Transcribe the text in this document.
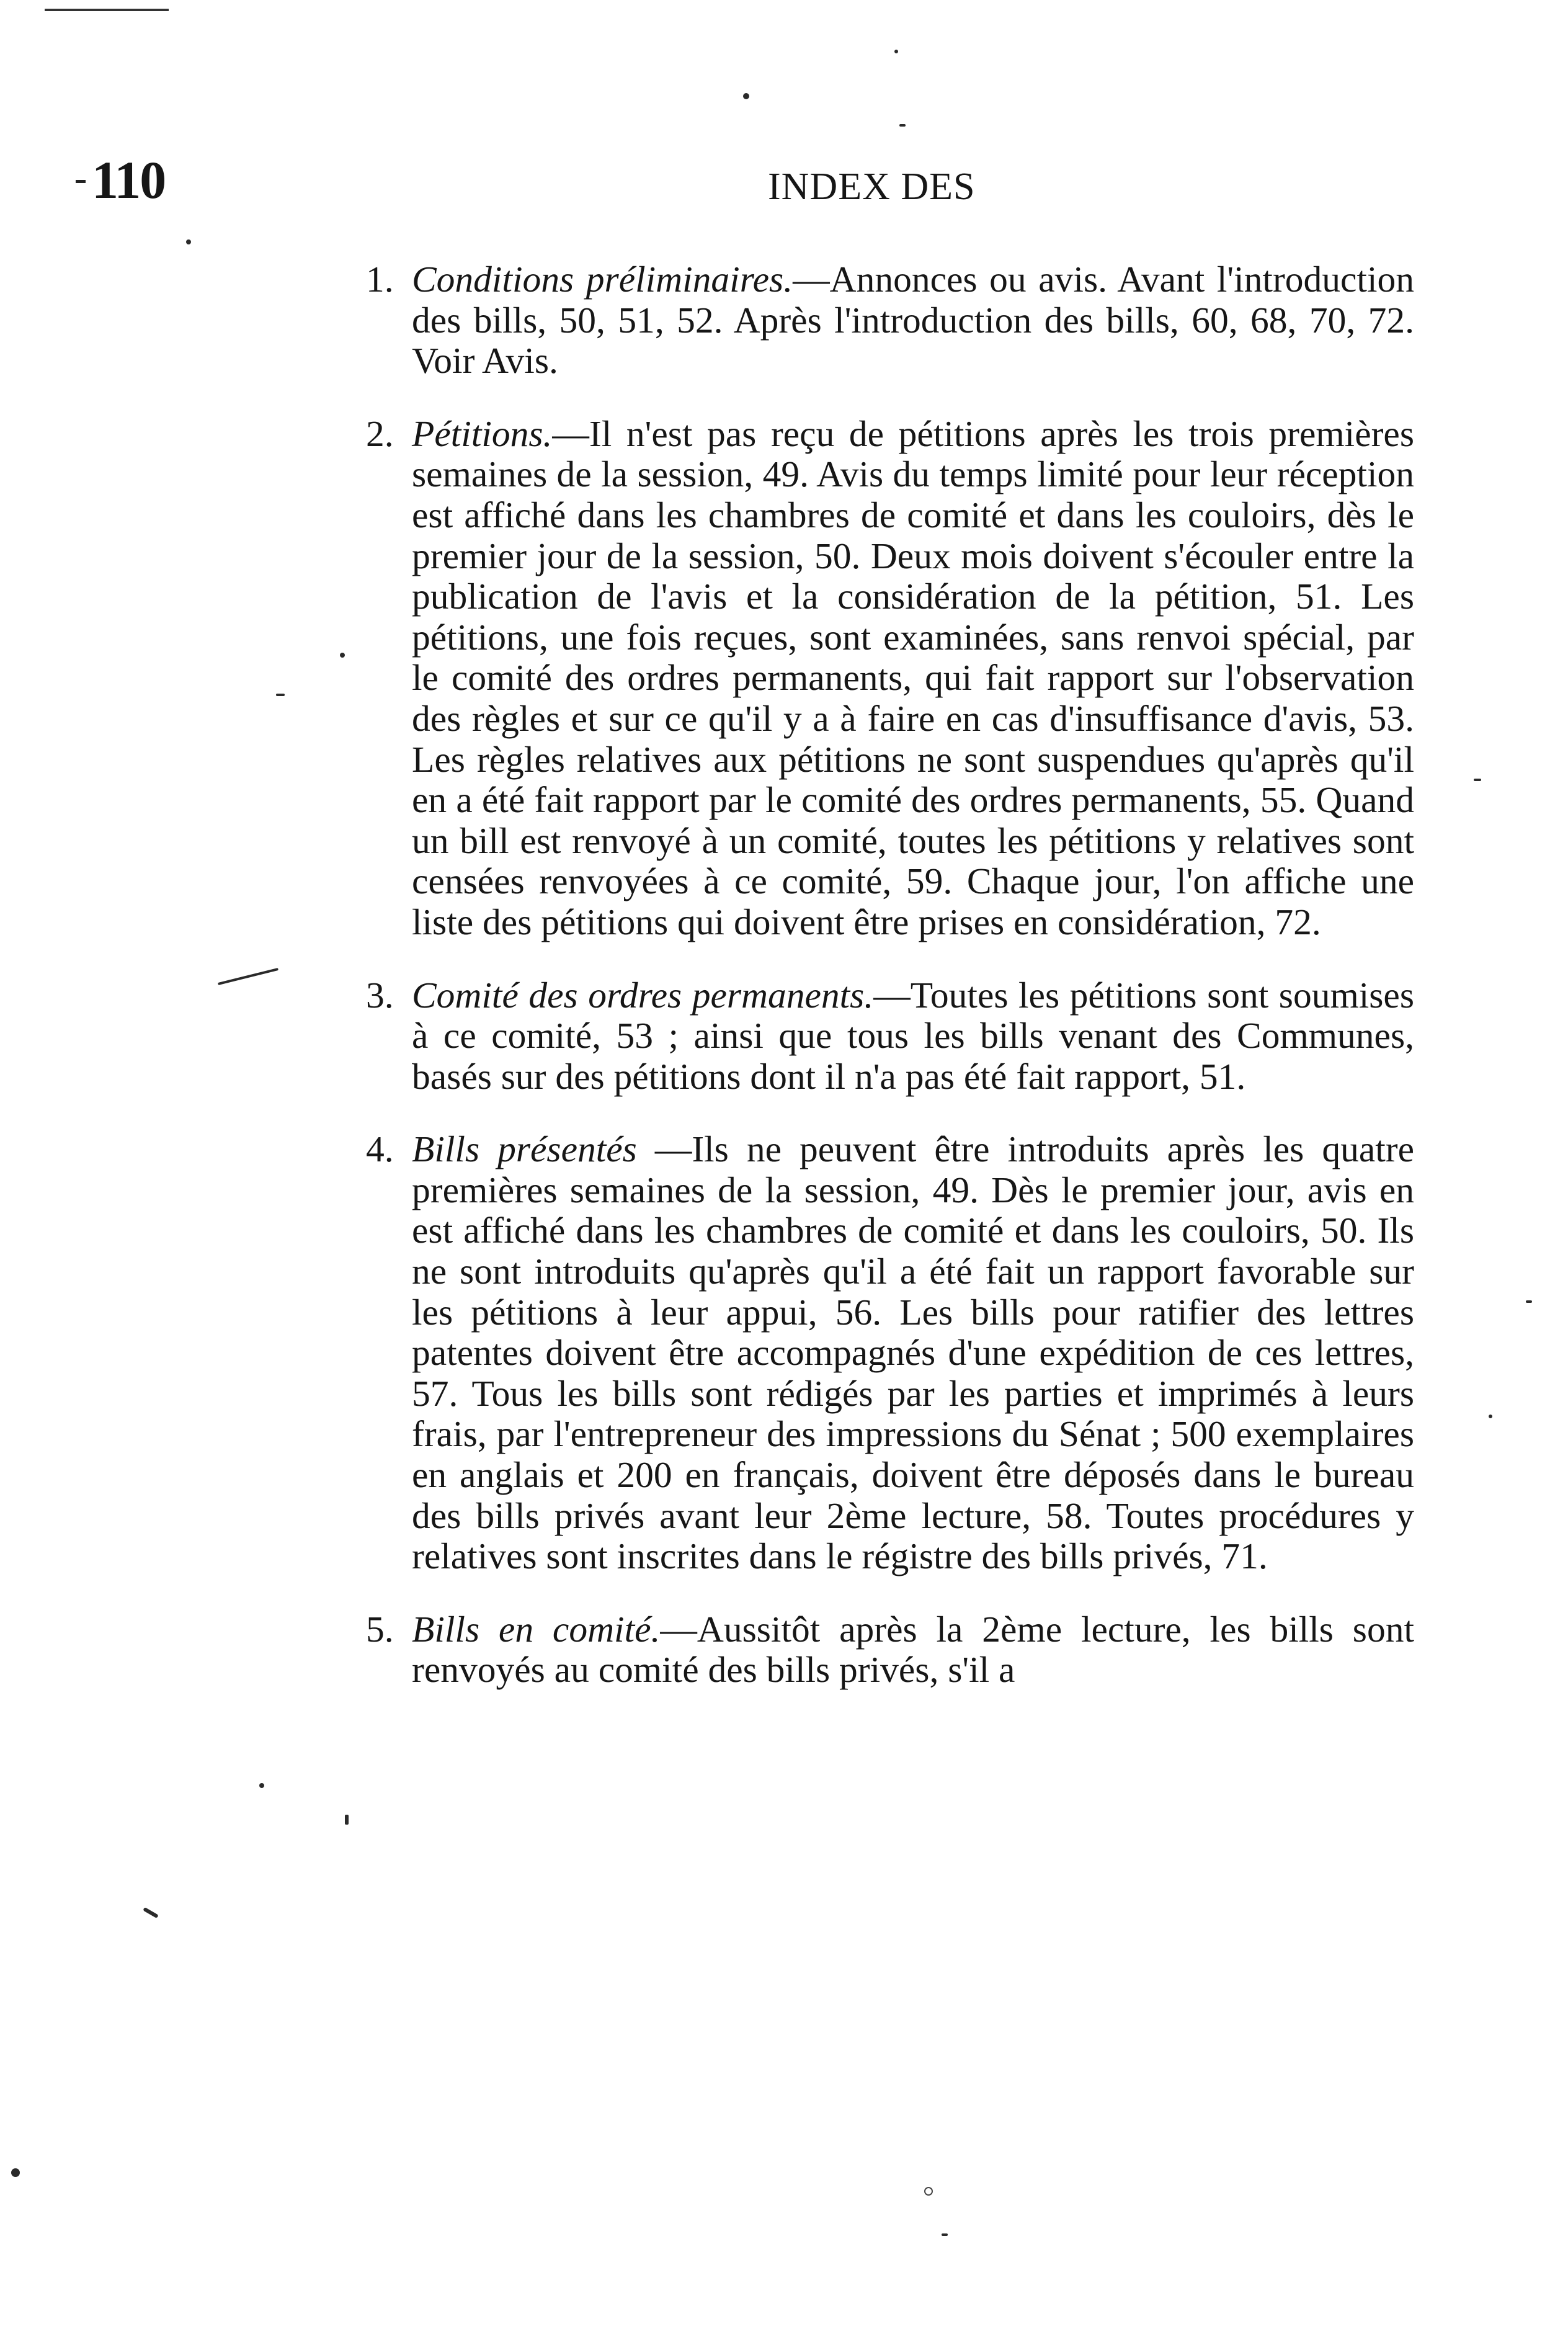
110	INDEX DES
1. Conditions préliminaires.—Annonces ou avis. Avant l'introduction des bills, 50, 51, 52. Après l'introduction des bills, 60, 68, 70, 72. Voir Avis.
2. Pétitions.—Il n'est pas reçu de pétitions après les trois premières semaines de la session, 49. Avis du temps limité pour leur réception est affiché dans les chambres de comité et dans les couloirs, dès le premier jour de la session, 50. Deux mois doivent s'écouler entre la publication de l'avis et la considération de la pétition, 51. Les pétitions, une fois reçues, sont examinées, sans renvoi spécial, par le comité des ordres permanents, qui fait rapport sur l'observation des règles et sur ce qu'il y a à faire en cas d'insuffisance d'avis, 53. Les règles relatives aux pétitions ne sont suspendues qu'après qu'il en a été fait rapport par le comité des ordres permanents, 55. Quand un bill est renvoyé à un comité, toutes les pétitions y relatives sont censées renvoyées à ce comité, 59. Chaque jour, l'on affiche une liste des pétitions qui doivent être prises en considération, 72.
3. Comité des ordres permanents.—Toutes les pétitions sont soumises à ce comité, 53 ; ainsi que tous les bills venant des Communes, basés sur des pétitions dont il n'a pas été fait rapport, 51.
4. Bills présentés —Ils ne peuvent être introduits après les quatre premières semaines de la session, 49. Dès le premier jour, avis en est affiché dans les chambres de comité et dans les couloirs, 50. Ils ne sont introduits qu'après qu'il a été fait un rapport favorable sur les pétitions à leur appui, 56. Les bills pour ratifier des lettres patentes doivent être accompagnés d'une expédition de ces lettres, 57. Tous les bills sont rédigés par les parties et imprimés à leurs frais, par l'entrepreneur des impressions du Sénat ; 500 exemplaires en anglais et 200 en français, doivent être déposés dans le bureau des bills privés avant leur 2ème lecture, 58. Toutes procédures y relatives sont inscrites dans le régistre des bills privés, 71.
5. Bills en comité.—Aussitôt après la 2ème lecture, les bills sont renvoyés au comité des bills privés, s'il a
